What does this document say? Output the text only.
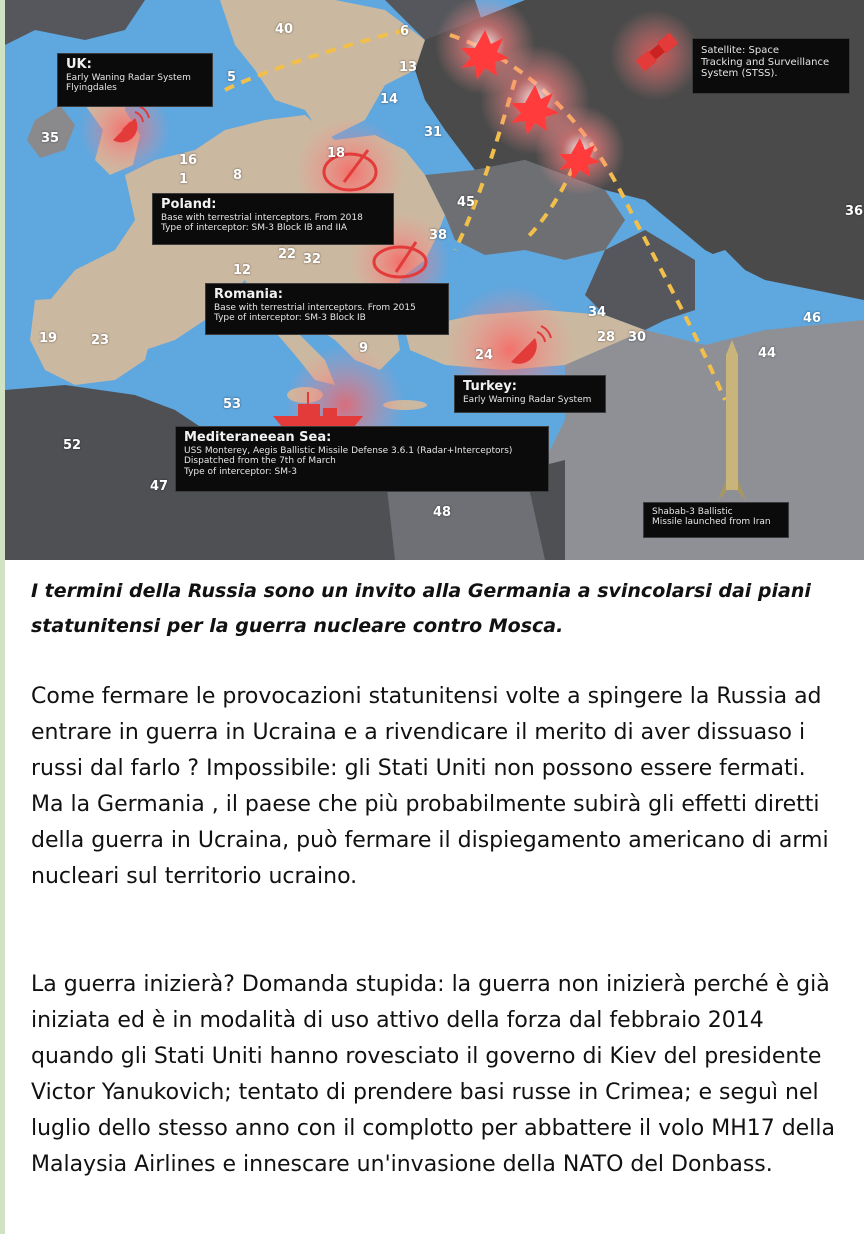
40	6
5
13
14
35	31
18
16
1	8
45
36
38
22 32
12
34	46
19	23	28 30
44
9	24
53
52
47
48
UK:
Early Waning Radar System
Flyingdales
Satellite: Space
Tracking and Surveillance
System (STSS).
Poland:
Base with terrestrial interceptors. From 2018
Type of interceptor: SM-3 Block IB and IIA
Romania:
Base with terrestrial interceptors. From 2015
Type of interceptor: SM-3 Block IB
Turkey:
Early Warning Radar System
Mediteraneean Sea:
USS Monterey, Aegis Ballistic Missile Defense 3.6.1 (Radar+Interceptors)
Dispatched from the 7th of March
Type of interceptor: SM-3
Shabab-3 Ballistic
Missile launched from Iran
I termini della Russia sono un invito alla Germania a svincolarsi dai piani statunitensi per la guerra nucleare contro Mosca.
Come fermare le provocazioni statunitensi volte a spingere la Russia ad entrare in guerra in Ucraina e a rivendicare il merito di aver dissuaso i russi dal farlo ? Impossibile: gli Stati Uniti non possono essere fermati. Ma la Germania , il paese che più probabilmente subirà gli effetti diretti della guerra in Ucraina, può fermare il dispiegamento americano di armi nucleari sul territorio ucraino.
La guerra inizierà? Domanda stupida: la guerra non inizierà perché è già iniziata ed è in modalità di uso attivo della forza dal febbraio 2014 quando gli Stati Uniti hanno rovesciato il governo di Kiev del presidente Victor Yanukovich; tentato di prendere basi russe in Crimea; e seguì nel luglio dello stesso anno con il complotto per abbattere il volo MH17 della Malaysia Airlines e innescare un'invasione della NATO del Donbass.
